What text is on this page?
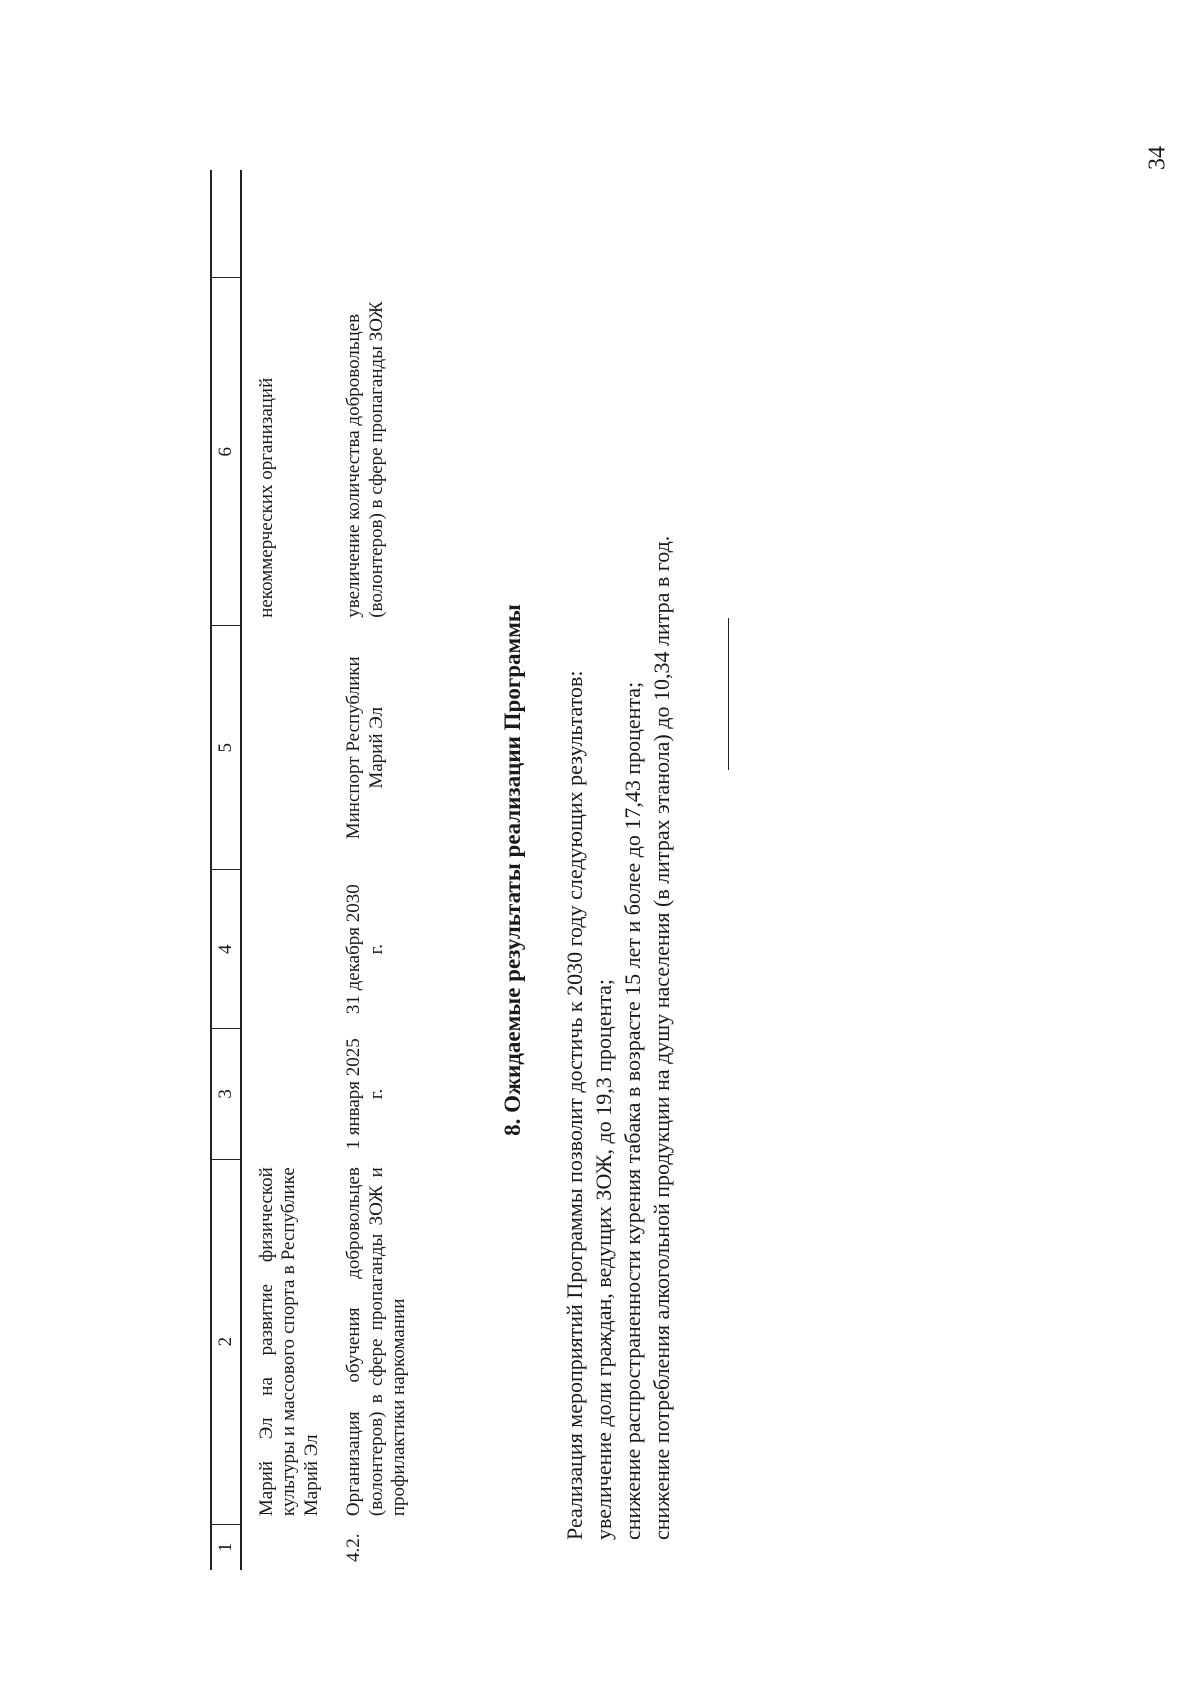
34
1	2	3	4	5	6	
	Марий Эл на развитие физической культуры и массового спорта в Республике Марий Эл				некоммерческих организаций	
4.2.	Организация обучения добровольцев (волонтеров) в сфере пропаганды ЗОЖ и профилактики наркомании	1 января 2025 г.	31 декабря 2030 г.	Минспорт Республики Марий Эл	увеличение количества добровольцев (волонтеров) в сфере пропаганды ЗОЖ	
8. Ожидаемые результаты реализации Программы Реализация мероприятий Программы позволит достичь к 2030 году следующих результатов: увеличение доли граждан, ведущих ЗОЖ, до 19,3 процента; снижение распространенности курения табака в возрасте 15 лет и более до 17,43 процента; снижение потребления алкогольной продукции на душу населения (в литрах этанола) до 10,34 литра в год.
